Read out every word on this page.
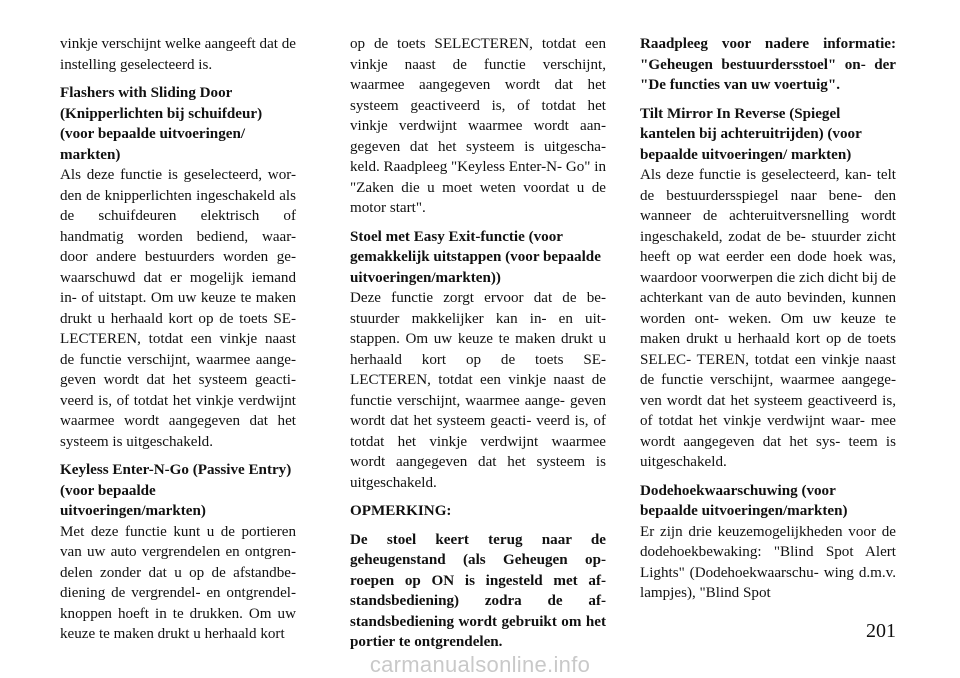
vinkje verschijnt welke aangeeft dat de instelling geselecteerd is.

Flashers with Sliding Door (Knipperlichten bij schuifdeur) (voor bepaalde uitvoeringen/ markten)

Als deze functie is geselecteerd, wor- den de knipperlichten ingeschakeld als de schuifdeuren elektrisch of handmatig worden bediend, waar- door andere bestuurders worden ge- waarschuwd dat er mogelijk iemand in- of uitstapt. Om uw keuze te maken drukt u herhaald kort op de toets SE- LECTEREN, totdat een vinkje naast de functie verschijnt, waarmee aange- geven wordt dat het systeem geacti- veerd is, of totdat het vinkje verdwijnt waarmee wordt aangegeven dat het systeem is uitgeschakeld.

Keyless Enter-N-Go (Passive Entry) (voor bepaalde uitvoeringen/markten)

Met deze functie kunt u de portieren van uw auto vergrendelen en ontgren- delen zonder dat u op de afstandbe- diening de vergrendel- en ontgrendel- knoppen hoeft in te drukken. Om uw keuze te maken drukt u herhaald kort

op de toets SELECTEREN, totdat een vinkje naast de functie verschijnt, waarmee aangegeven wordt dat het systeem geactiveerd is, of totdat het vinkje verdwijnt waarmee wordt aan- gegeven dat het systeem is uitgescha- keld. Raadpleeg "Keyless Enter-N- Go" in "Zaken die u moet weten voordat u de motor start".

Stoel met Easy Exit-functie (voor gemakkelijk uitstappen (voor bepaalde uitvoeringen/markten))

Deze functie zorgt ervoor dat de be- stuurder makkelijker kan in- en uit- stappen. Om uw keuze te maken drukt u herhaald kort op de toets SE- LECTEREN, totdat een vinkje naast de functie verschijnt, waarmee aange- geven wordt dat het systeem geacti- veerd is, of totdat het vinkje verdwijnt waarmee wordt aangegeven dat het systeem is uitgeschakeld.

OPMERKING:

De stoel keert terug naar de geheugenstand (als Geheugen op- roepen op ON is ingesteld met af- standsbediening) zodra de af- standsbediening wordt gebruikt om het portier te ontgrendelen.

Raadpleeg voor nadere informatie: "Geheugen bestuurdersstoel" on- der "De functies van uw voertuig".

Tilt Mirror In Reverse (Spiegel kantelen bij achteruitrijden) (voor bepaalde uitvoeringen/ markten)

Als deze functie is geselecteerd, kan- telt de bestuurdersspiegel naar bene- den wanneer de achteruitversnelling wordt ingeschakeld, zodat de be- stuurder zicht heeft op wat eerder een dode hoek was, waardoor voorwerpen die zich dicht bij de achterkant van de auto bevinden, kunnen worden ont- weken. Om uw keuze te maken drukt u herhaald kort op de toets SELEC- TEREN, totdat een vinkje naast de functie verschijnt, waarmee aangege- ven wordt dat het systeem geactiveerd is, of totdat het vinkje verdwijnt waar- mee wordt aangegeven dat het sys- teem is uitgeschakeld.

Dodehoekwaarschuwing (voor bepaalde uitvoeringen/markten)

Er zijn drie keuzemogelijkheden voor de dodehoekbewaking: "Blind Spot Alert Lights" (Dodehoekwaarschu- wing d.m.v. lampjes), "Blind Spot

201
carmanualsonline.info
